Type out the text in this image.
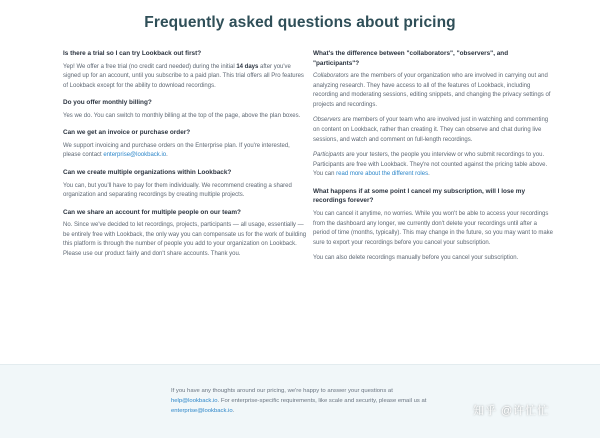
Frequently asked questions about pricing
Is there a trial so I can try Lookback out first?
Yep! We offer a free trial (no credit card needed) during the initial 14 days after you've signed up for an account, until you subscribe to a paid plan. This trial offers all Pro features of Lookback except for the ability to download recordings.
Do you offer monthly billing?
Yes we do. You can switch to monthly billing at the top of the page, above the plan boxes.
Can we get an invoice or purchase order?
We support invoicing and purchase orders on the Enterprise plan. If you're interested, please contact enterprise@lookback.io.
Can we create multiple organizations within Lookback?
You can, but you'll have to pay for them individually. We recommend creating a shared organization and separating recordings by creating multiple projects.
Can we share an account for multiple people on our team?
No. Since we've decided to let recordings, projects, participants — all usage, essentially — be entirely free with Lookback, the only way you can compensate us for the work of building this platform is through the number of people you add to your organization on Lookback. Please use our product fairly and don't share accounts. Thank you.
What's the difference between "collaborators", "observers", and "participants"?
Collaborators are the members of your organization who are involved in carrying out and analyzing research. They have access to all of the features of Lookback, including recording and moderating sessions, editing snippets, and changing the privacy settings of projects and recordings.
Observers are members of your team who are involved just in watching and commenting on content on Lookback, rather than creating it. They can observe and chat during live sessions, and watch and comment on full-length recordings.
Participants are your testers, the people you interview or who submit recordings to you. Participants are free with Lookback. They're not counted against the pricing table above. You can read more about the different roles.
What happens if at some point I cancel my subscription, will I lose my recordings forever?
You can cancel it anytime, no worries. While you won't be able to access your recordings from the dashboard any longer, we currently don't delete your recordings until after a period of time (months, typically). This may change in the future, so you may want to make sure to export your recordings before you cancel your subscription.
You can also delete recordings manually before you cancel your subscription.

If you have any thoughts around our pricing, we're happy to answer your questions at help@lookback.io. For enterprise-specific requirements, like scale and security, please email us at enterprise@lookback.io.	知乎 @许忙忙
